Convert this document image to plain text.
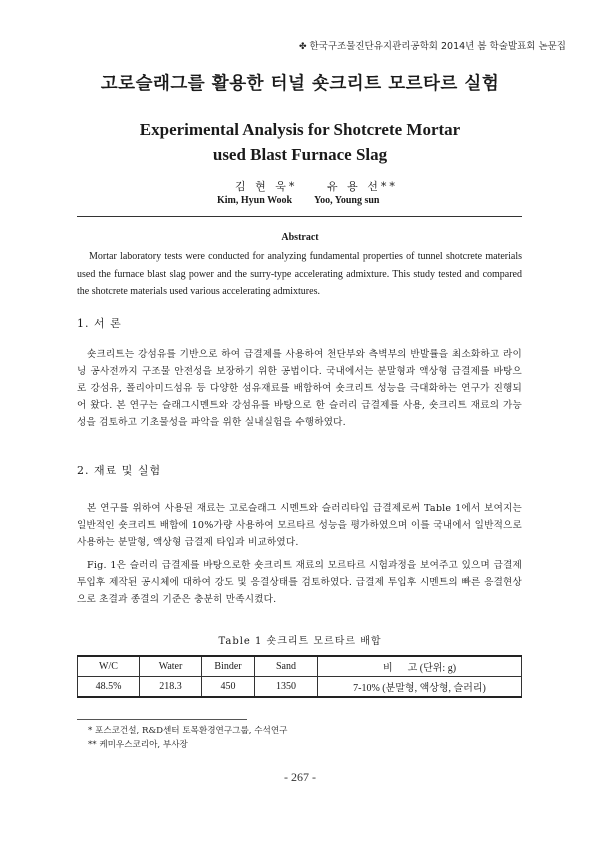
✤ 한국구조물진단유지관리공학회 2014년 봄 학술발표회 논문집
고로슬래그를 활용한 터널 숏크리트 모르타르 실험
Experimental Analysis for Shotcrete Mortar
used Blast Furnace Slag
김 현 욱*	유 용 선**
Kim, Hyun Wook Yoo, Young sun
Abstract
Mortar laboratory tests were conducted for analyzing fundamental properties of tunnel shotcrete materials used the furnace blast slag power and the surry-type accelerating admixture. This study tested and compared the shotcrete materials used various accelerating admixtures.
1. 서 론
숏크리트는 강섬유를 기반으로 하여 급결제를 사용하여 천단부와 측벽부의 반발률을 최소화하고 라이닝 공사전까지 구조물 안전성을 보장하기 위한 공법이다. 국내에서는 분말형과 액상형 급결제를 바탕으로 강섬유, 폴리아미드섬유 등 다양한 섬유재료를 배합하여 숏크리트 성능을 극대화하는 연구가 진행되어 왔다. 본 연구는 슬래그시멘트와 강섬유를 바탕으로 한 슬러리 급결제를 사용, 숏크리트 재료의 가능성을 검토하고 기초물성을 파악을 위한 실내실험을 수행하였다.
2. 재료 및 실험
본 연구를 위하여 사용된 재료는 고로슬래그 시멘트와 슬러리타입 급결제로써 Table 1에서 보여지는 일반적인 숏크리트 배합에 10%가량 사용하여 모르타르 성능을 평가하였으며 이를 국내에서 일반적으로 사용하는 분말형, 액상형 급결제 타입과 비교하였다.
Fig. 1은 슬러리 급결제를 바탕으로한 숏크리트 재료의 모르타르 시험과정을 보여주고 있으며 급결제 투입후 제작된 공시체에 대하여 강도 및 응결상태를 검토하였다. 급결제 투입후 시멘트의 빠른 응결현상으로 초결과 종결의 기준은 충분히 만족시켰다.
Table 1 숏크리트 모르타르 배합
W/C	Water	Binder	Sand	비      고 (단위: g)
48.5%	218.3	450	1350	7-10% (분말형, 액상형, 슬러리)
* 포스코건설, R&D센터 토목환경연구그룹, 수석연구
** 케미우스코리아, 부사장
- 267 -
